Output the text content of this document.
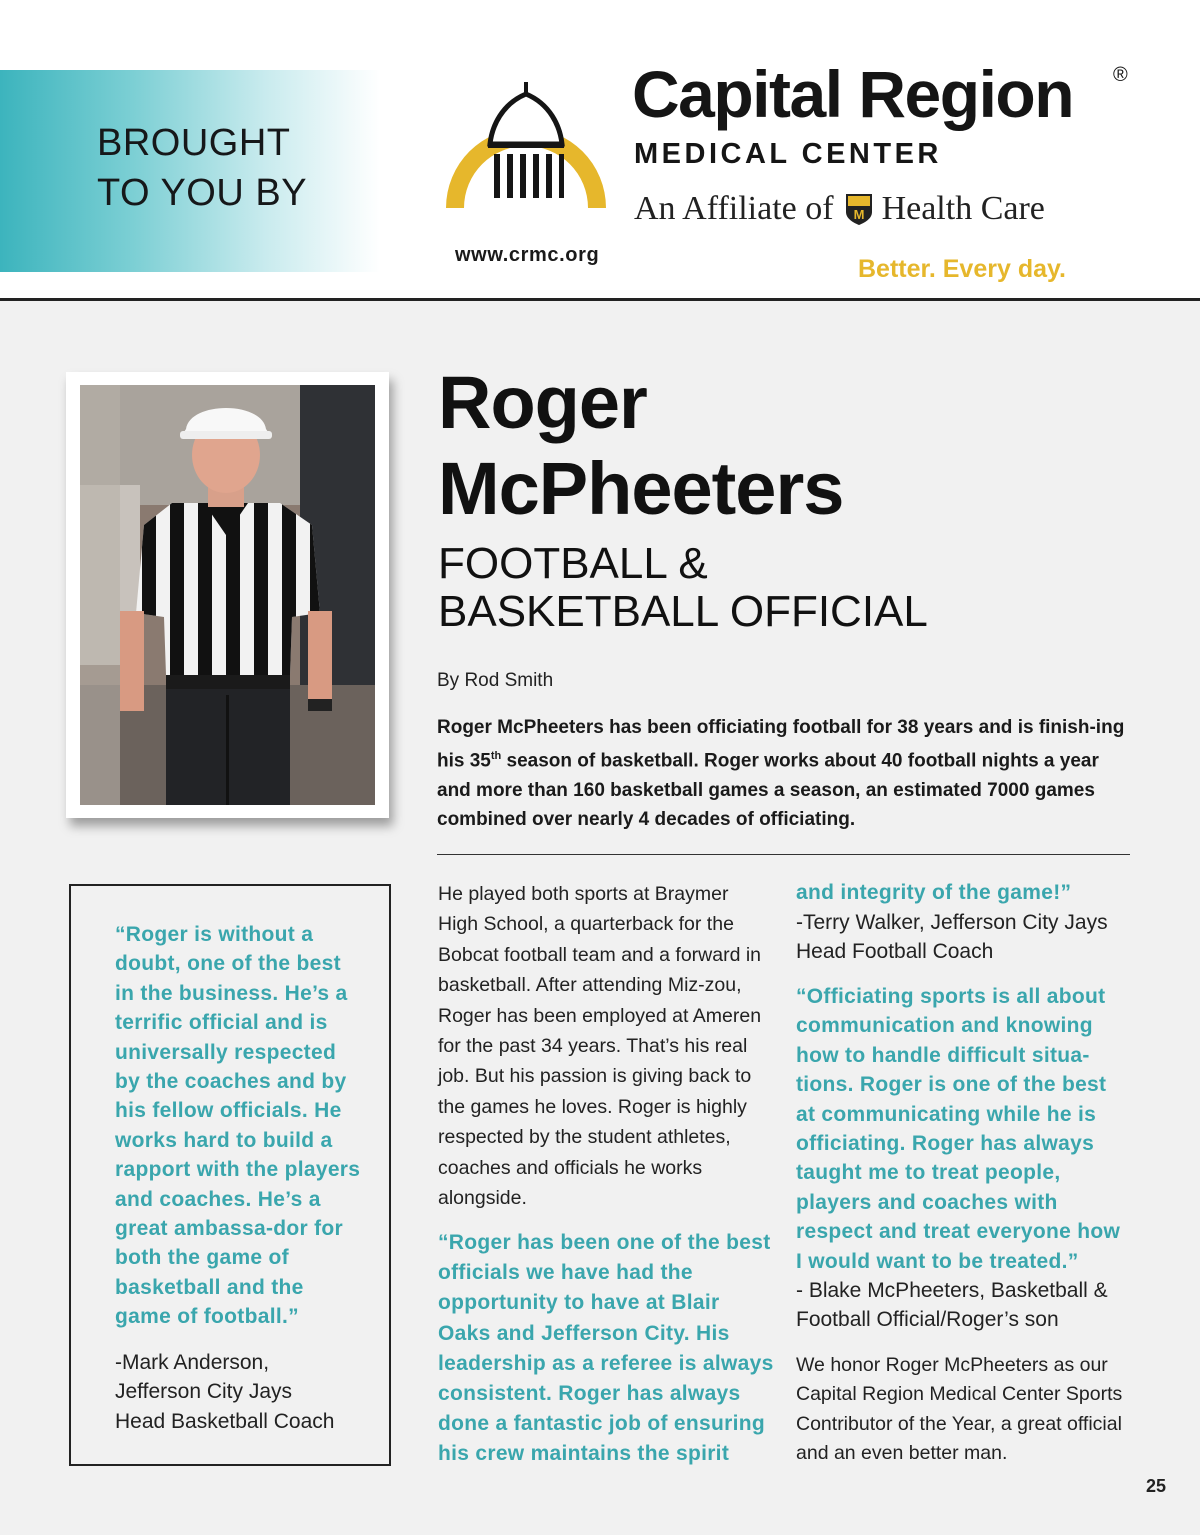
BROUGHT
TO YOU BY
Capital Region ®
MEDICAL CENTER
An Affiliate of M Health Care
Better. Every day.
www.crmc.org
Roger
McPheeters
FOOTBALL &
BASKETBALL OFFICIAL
By Rod Smith
Roger McPheeters has been officiating football for 38 years and is finish-ing his 35th season of basketball. Roger works about 40 football nights a year and more than 160 basketball games a season, an estimated 7000 games combined over nearly 4 decades of officiating.
“Roger is without a doubt, one of the best in the business. He’s a terrific official and is universally respected by the coaches and by his fellow officials. He works hard to build a rapport with the players and coaches. He’s a great ambassa-dor for both the game of basketball and the game of football.”
-Mark Anderson,
Jefferson City Jays
Head Basketball Coach
He played both sports at Braymer High School, a quarterback for the Bobcat football team and a forward in basketball. After attending Miz-zou, Roger has been employed at Ameren for the past 34 years. That’s his real job. But his passion is giving back to the games he loves. Roger is highly respected by the student athletes, coaches and officials he works alongside.
“Roger has been one of the best officials we have had the opportunity to have at Blair Oaks and Jefferson City. His leadership as a referee is always consistent. Roger has always done a fantastic job of ensuring his crew maintains the spirit
and integrity of the game!”
-Terry Walker, Jefferson City Jays
Head Football Coach
“Officiating sports is all about communication and knowing how to handle difficult situa-tions. Roger is one of the best at communicating while he is officiating. Roger has always taught me to treat people, players and coaches with respect and treat everyone how I would want to be treated.”
- Blake McPheeters, Basketball &
Football Official/Roger’s son
We honor Roger McPheeters as our Capital Region Medical Center Sports Contributor of the Year, a great official and an even better man.
25
